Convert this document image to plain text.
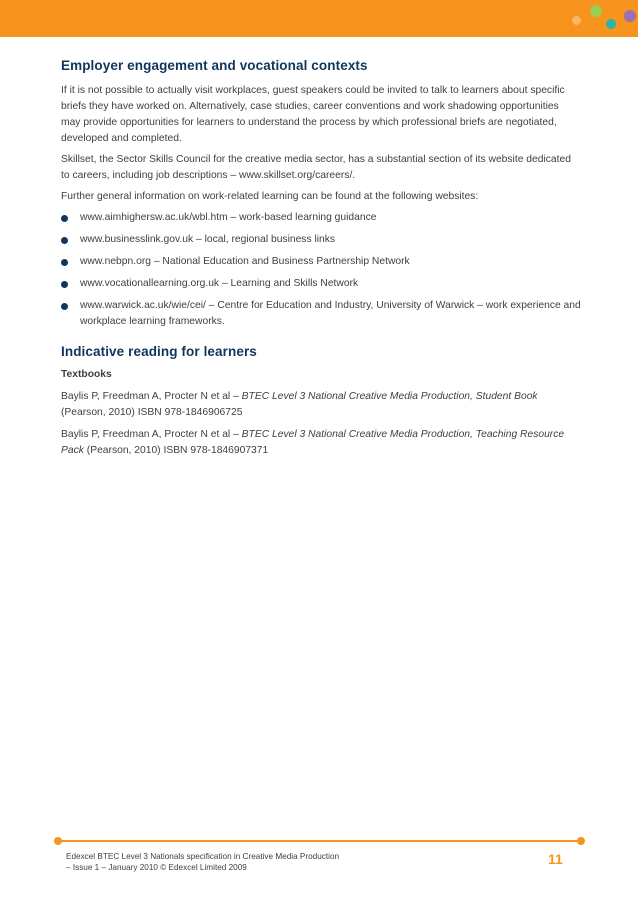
Employer engagement and vocational contexts

If it is not possible to actually visit workplaces, guest speakers could be invited to talk to learners about specific briefs they have worked on. Alternatively, case studies, career conventions and work shadowing opportunities may provide opportunities for learners to understand the process by which professional briefs are negotiated, developed and completed.

Skillset, the Sector Skills Council for the creative media sector, has a substantial section of its website dedicated to careers, including job descriptions – www.skillset.org/careers/.

Further general information on work-related learning can be found at the following websites:

www.aimhighersw.ac.uk/wbl.htm – work-based learning guidance
www.businesslink.gov.uk – local, regional business links
www.nebpn.org – National Education and Business Partnership Network
www.vocationallearning.org.uk – Learning and Skills Network
www.warwick.ac.uk/wie/cei/ – Centre for Education and Industry, University of Warwick – work experience and workplace learning frameworks.
Indicative reading for learners

Textbooks

Baylis P, Freedman A, Procter N et al – BTEC Level 3 National Creative Media Production, Student Book (Pearson, 2010) ISBN 978-1846906725

Baylis P, Freedman A, Procter N et al – BTEC Level 3 National Creative Media Production, Teaching Resource Pack (Pearson, 2010) ISBN 978-1846907371

Edexcel BTEC Level 3 Nationals specification in Creative Media Production
– Issue 1 – January 2010 © Edexcel Limited 2009
11
